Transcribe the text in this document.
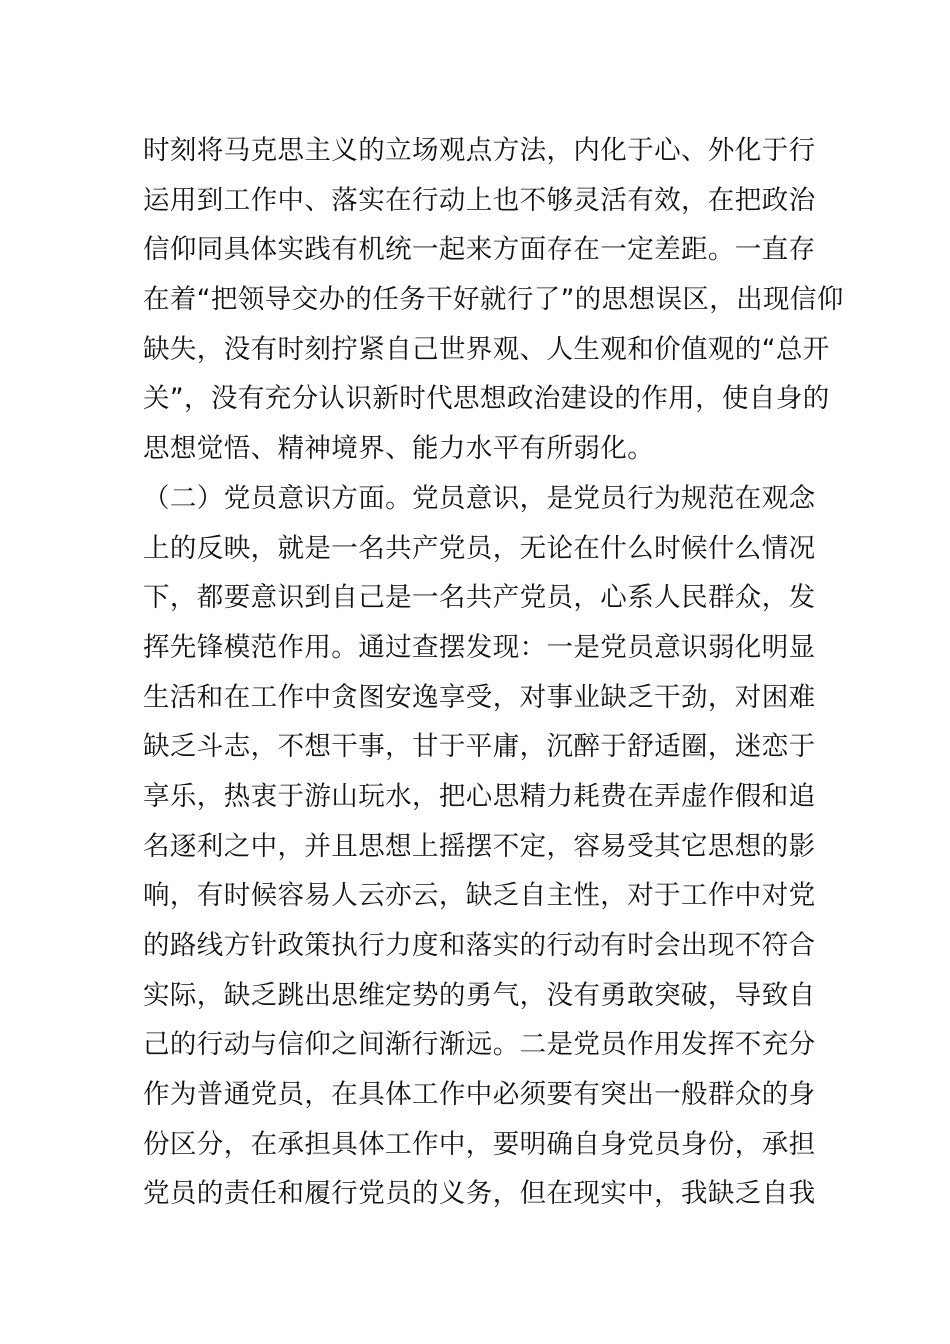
时刻将马克思主义的立场观点方法，内化于心、外化于行
运用到工作中、落实在行动上也不够灵活有效，在把政治
信仰同具体实践有机统一起来方面存在一定差距。一直存
在着“把领导交办的任务干好就行了”的思想误区，出现信仰
缺失，没有时刻拧紧自己世界观、人生观和价值观的“总开
关”，没有充分认识新时代思想政治建设的作用，使自身的
思想觉悟、精神境界、能力水平有所弱化。
（二）党员意识方面。党员意识，是党员行为规范在观念
上的反映，就是一名共产党员，无论在什么时候什么情况
下，都要意识到自己是一名共产党员，心系人民群众，发
挥先锋模范作用。通过查摆发现：一是党员意识弱化明显
生活和在工作中贪图安逸享受，对事业缺乏干劲，对困难
缺乏斗志，不想干事，甘于平庸，沉醉于舒适圈，迷恋于
享乐，热衷于游山玩水，把心思精力耗费在弄虚作假和追
名逐利之中，并且思想上摇摆不定，容易受其它思想的影
响，有时候容易人云亦云，缺乏自主性，对于工作中对党
的路线方针政策执行力度和落实的行动有时会出现不符合
实际，缺乏跳出思维定势的勇气，没有勇敢突破，导致自
己的行动与信仰之间渐行渐远。二是党员作用发挥不充分
作为普通党员，在具体工作中必须要有突出一般群众的身
份区分，在承担具体工作中，要明确自身党员身份，承担
党员的责任和履行党员的义务，但在现实中，我缺乏自我
